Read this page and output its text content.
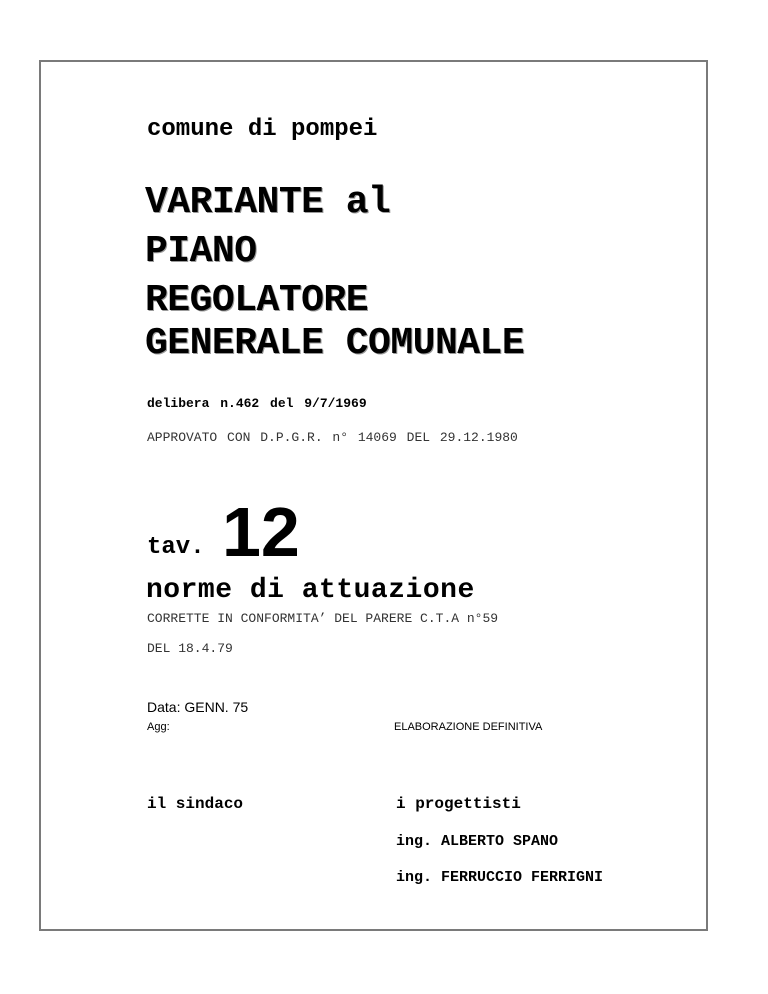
comune di pompei

VARIANTE al

PIANO

REGOLATORE

GENERALE COMUNALE

delibera n.462 del 9/7/1969

APPROVATO CON D.P.G.R. n° 14069 DEL 29.12.1980

tav. 12

norme di attuazione

CORRETTE IN CONFORMITA’ DEL PARERE C.T.A n°59

DEL 18.4.79

Data: GENN. 75

Agg:	ELABORAZIONE DEFINITIVA

il sindaco	i progettisti

ing. ALBERTO SPANO

ing. FERRUCCIO FERRIGNI
